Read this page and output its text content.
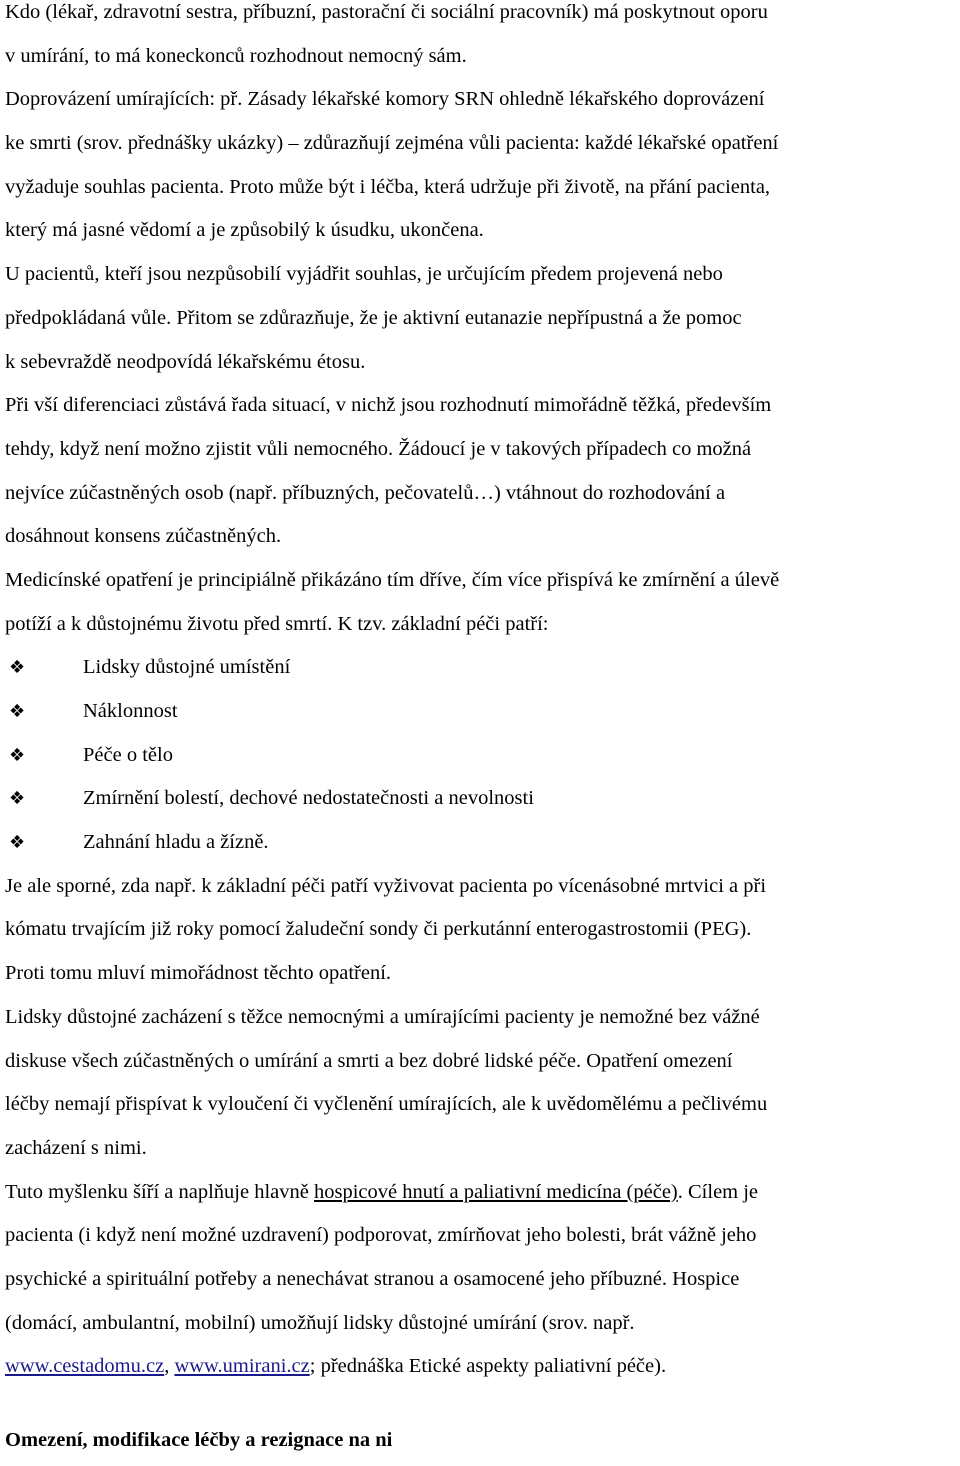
Kdo (lékař, zdravotní sestra, příbuzní, pastorační či sociální pracovník) má poskytnout oporu
v umírání, to má koneckonců rozhodnout nemocný sám.
Doprovázení umírajících: př. Zásady lékařské komory SRN ohledně lékařského doprovázení
ke smrti (srov. přednášky ukázky) – zdůrazňují zejména vůli pacienta: každé lékařské opatření
vyžaduje souhlas pacienta. Proto může být i léčba, která udržuje při životě, na přání pacienta,
který má jasné vědomí a je způsobilý k úsudku, ukončena.
U pacientů, kteří jsou nezpůsobilí vyjádřit souhlas, je určujícím předem projevená nebo
předpokládaná vůle. Přitom se zdůrazňuje, že je aktivní eutanazie nepřípustná a že pomoc
k sebevraždě neodpovídá lékařskému étosu.
Při vší diferenciaci zůstává řada situací, v nichž jsou rozhodnutí mimořádně těžká, především
tehdy, když není možno zjistit vůli nemocného. Žádoucí je v takových případech co možná
nejvíce zúčastněných osob (např. příbuzných, pečovatelů…) vtáhnout do rozhodování a
dosáhnout konsens zúčastněných.
Medicínské opatření je principiálně přikázáno tím dříve, čím více přispívá ke zmírnění a úlevě
potíží a k důstojnému životu před smrtí. K tzv. základní péči patří:
❖	Lidsky důstojné umístění
❖	Náklonnost
❖	Péče o tělo
❖	Zmírnění bolestí, dechové nedostatečnosti a nevolnosti
❖	Zahnání hladu a žízně.
Je ale sporné, zda např. k základní péči patří vyživovat pacienta po vícenásobné mrtvici a při
kómatu trvajícím již roky pomocí žaludeční sondy či perkutánní enterogastrostomii (PEG).
Proti tomu mluví mimořádnost těchto opatření.
Lidsky důstojné zacházení s těžce nemocnými a umírajícími pacienty je nemožné bez vážné
diskuse všech zúčastněných o umírání a smrti a bez dobré lidské péče. Opatření omezení
léčby nemají přispívat k vyloučení či vyčlenění umírajících, ale k uvědomělému a pečlivému
zacházení s nimi.
Tuto myšlenku šíří a naplňuje hlavně hospicové hnutí a paliativní medicína (péče). Cílem je
pacienta (i když není možné uzdravení) podporovat, zmírňovat jeho bolesti, brát vážně jeho
psychické a spirituální potřeby a nenechávat stranou a osamocené jeho příbuzné. Hospice
(domácí, ambulantní, mobilní) umožňují lidsky důstojné umírání (srov. např.
www.cestadomu.cz, www.umirani.cz; přednáška Etické aspekty paliativní péče).
Omezení, modifikace léčby a rezignace na ni
